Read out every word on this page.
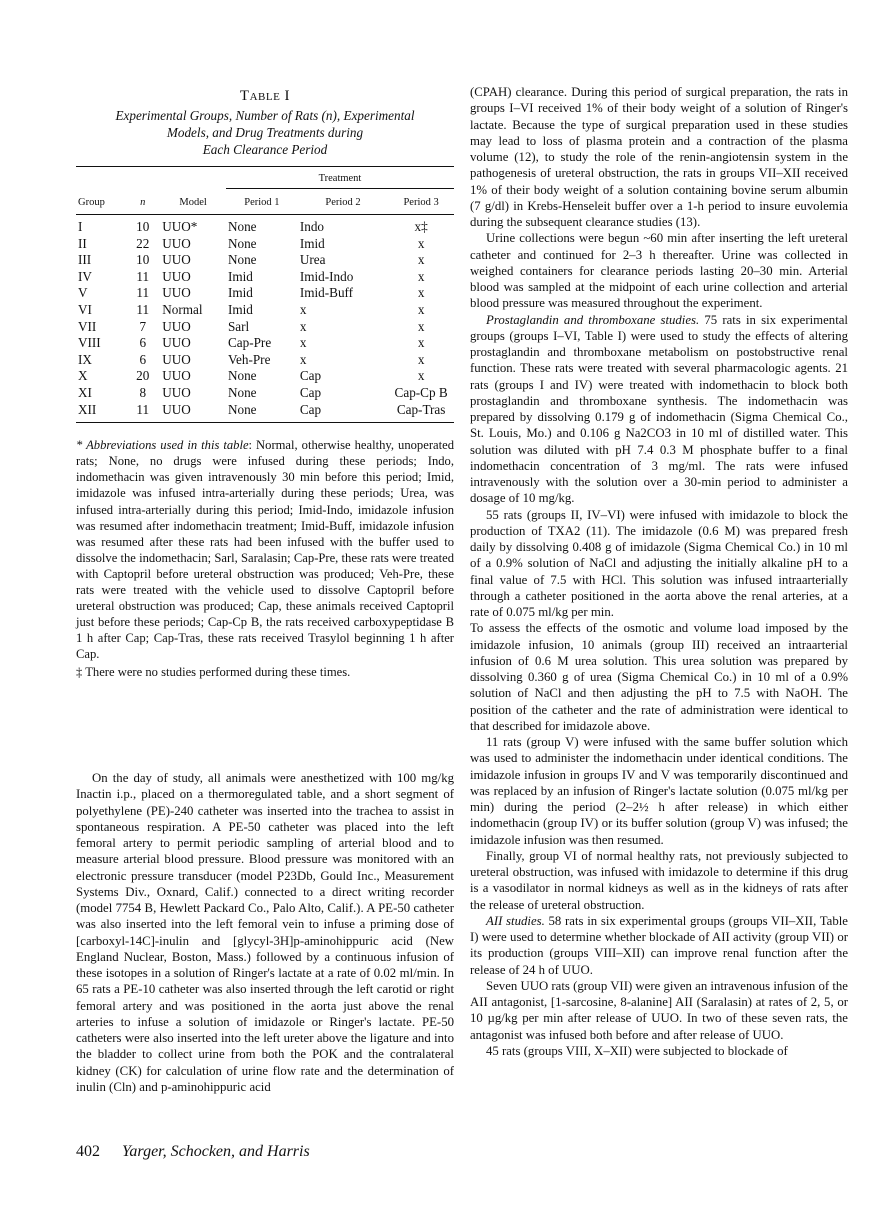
Table I
Experimental Groups, Number of Rats (n), Experimental
Models, and Drug Treatments during
Each Clearance Period
			Treatment		
Group	n	Model	Period 1	Period 2	Period 3
I	10	UUO*	None	Indo	x‡
II	22	UUO	None	Imid	x
III	10	UUO	None	Urea	x
IV	11	UUO	Imid	Imid-Indo	x
V	11	UUO	Imid	Imid-Buff	x
VI	11	Normal	Imid	x	x
VII	7	UUO	Sarl	x	x
VIII	6	UUO	Cap-Pre	x	x
IX	6	UUO	Veh-Pre	x	x
X	20	UUO	None	Cap	x
XI	8	UUO	None	Cap	Cap-Cp B
XII	11	UUO	None	Cap	Cap-Tras

* Abbreviations used in this table: Normal, otherwise healthy, unoperated rats; None, no drugs were infused during these periods; Indo, indomethacin was given intravenously 30 min before this period; Imid, imidazole was infused intra-arterially during these periods; Urea, was infused intra-arterially during this period; Imid-Indo, imidazole infusion was resumed after indomethacin treatment; Imid-Buff, imidazole infusion was resumed after these rats had been infused with the buffer used to dissolve the indomethacin; Sarl, Saralasin; Cap-Pre, these rats were treated with Captopril before ureteral obstruction was produced; Veh-Pre, these rats were treated with the vehicle used to dissolve Captopril before ureteral obstruction was produced; Cap, these animals received Captopril just before these periods; Cap-Cp B, the rats received carboxypeptidase B 1 h after Cap; Cap-Tras, these rats received Trasylol beginning 1 h after Cap.

‡ There were no studies performed during these times.

On the day of study, all animals were anesthetized with 100 mg/kg Inactin i.p., placed on a thermoregulated table, and a short segment of polyethylene (PE)-240 catheter was inserted into the trachea to assist in spontaneous respiration. A PE-50 catheter was placed into the left femoral artery to permit periodic sampling of arterial blood and to measure arterial blood pressure. Blood pressure was monitored with an electronic pressure transducer (model P23Db, Gould Inc., Measurement Systems Div., Oxnard, Calif.) connected to a direct writing recorder (model 7754 B, Hewlett Packard Co., Palo Alto, Calif.). A PE-50 catheter was also inserted into the left femoral vein to infuse a priming dose of [carboxyl-14C]-inulin and [glycyl-3H]p-aminohippuric acid (New England Nuclear, Boston, Mass.) followed by a continuous infusion of these isotopes in a solution of Ringer's lactate at a rate of 0.02 ml/min. In 65 rats a PE-10 catheter was also inserted through the left carotid or right femoral artery and was positioned in the aorta just above the renal arteries to infuse a solution of imidazole or Ringer's lactate. PE-50 catheters were also inserted into the left ureter above the ligature and into the bladder to collect urine from both the POK and the contralateral kidney (CK) for calculation of urine flow rate and the determination of inulin (Cln) and p-aminohippuric acid

(CPAH) clearance. During this period of surgical preparation, the rats in groups I–VI received 1% of their body weight of a solution of Ringer's lactate. Because the type of surgical preparation used in these studies may lead to loss of plasma protein and a contraction of the plasma volume (12), to study the role of the renin-angiotensin system in the pathogenesis of ureteral obstruction, the rats in groups VII–XII received 1% of their body weight of a solution containing bovine serum albumin (7 g/dl) in Krebs-Henseleit buffer over a 1-h period to insure euvolemia during the subsequent clearance studies (13).

Urine collections were begun ~60 min after inserting the left ureteral catheter and continued for 2–3 h thereafter. Urine was collected in weighed containers for clearance periods lasting 20–30 min. Arterial blood was sampled at the midpoint of each urine collection and arterial blood pressure was measured throughout the experiment.

Prostaglandin and thromboxane studies. 75 rats in six experimental groups (groups I–VI, Table I) were used to study the effects of altering prostaglandin and thromboxane metabolism on postobstructive renal function. These rats were treated with several pharmacologic agents. 21 rats (groups I and IV) were treated with indomethacin to block both prostaglandin and thromboxane synthesis. The indomethacin was prepared by dissolving 0.179 g of indomethacin (Sigma Chemical Co., St. Louis, Mo.) and 0.106 g Na2CO3 in 10 ml of distilled water. This solution was diluted with pH 7.4 0.3 M phosphate buffer to a final indomethacin concentration of 3 mg/ml. The rats were infused intravenously with the solution over a 30-min period to administer a dosage of 10 mg/kg.

55 rats (groups II, IV–VI) were infused with imidazole to block the production of TXA2 (11). The imidazole (0.6 M) was prepared fresh daily by dissolving 0.408 g of imidazole (Sigma Chemical Co.) in 10 ml of a 0.9% solution of NaCl and adjusting the initially alkaline pH to a final value of 7.5 with HCl. This solution was infused intraarterially through a catheter positioned in the aorta above the renal arteries, at a rate of 0.075 ml/kg per min.

To assess the effects of the osmotic and volume load imposed by the imidazole infusion, 10 animals (group III) received an intraarterial infusion of 0.6 M urea solution. This urea solution was prepared by dissolving 0.360 g of urea (Sigma Chemical Co.) in 10 ml of a 0.9% solution of NaCl and then adjusting the pH to 7.5 with NaOH. The position of the catheter and the rate of administration were identical to that described for imidazole above.

11 rats (group V) were infused with the same buffer solution which was used to administer the indomethacin under identical conditions. The imidazole infusion in groups IV and V was temporarily discontinued and was replaced by an infusion of Ringer's lactate solution (0.075 ml/kg per min) during the period (2–2½ h after release) in which either indomethacin (group IV) or its buffer solution (group V) was infused; the imidazole infusion was then resumed.

Finally, group VI of normal healthy rats, not previously subjected to ureteral obstruction, was infused with imidazole to determine if this drug is a vasodilator in normal kidneys as well as in the kidneys of rats after the release of ureteral obstruction.

AII studies. 58 rats in six experimental groups (groups VII–XII, Table I) were used to determine whether blockade of AII activity (group VII) or its production (groups VIII–XII) can improve renal function after the release of 24 h of UUO.

Seven UUO rats (group VII) were given an intravenous infusion of the AII antagonist, [1-sarcosine, 8-alanine] AII (Saralasin) at rates of 2, 5, or 10 µg/kg per min after release of UUO. In two of these seven rats, the antagonist was infused both before and after release of UUO.

45 rats (groups VIII, X–XII) were subjected to blockade of

402 Yarger, Schocken, and Harris
